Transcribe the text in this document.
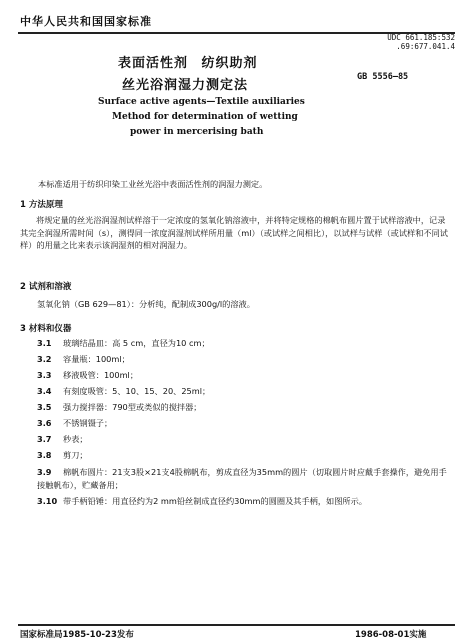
中华人民共和国国家标准
UDC 661.185:532 .69:677.041.4
表面活性剂 纺织助剂
丝光浴润湿力测定法
GB 5556—85
Surface active agents—Textile auxiliaries
Method for determination of wetting
power in mercerising bath
本标准适用于纺织印染工业丝光浴中表面活性剂的润湿力测定。
1 方法原理
将规定量的丝光浴润湿剂试样溶于一定浓度的氢氧化钠溶液中，并将特定规格的棉帆布圆片置于试样溶液中，记录其完全润湿所需时间（s），测得同一浓度润湿剂试样所用量（ml）（或试样之间相比），以试样与试样（或试样和不同试样）的用量之比来表示该润湿剂的相对润湿力。
2 试剂和溶液
氢氧化钠（GB 629—81）：分析纯，配制成300g/l的溶液。
3 材料和仪器
3.1 玻璃结晶皿：高 5 cm，直径为10 cm；
3.2 容量瓶：100ml；
3.3 移液吸管：100ml；
3.4 有刻度吸管：5、10、15、20、25ml；
3.5 强力搅拌器：790型或类似的搅拌器；
3.6 不锈钢镊子；
3.7 秒表；
3.8 剪刀；
3.9 棉帆布圆片：21支3股×21支4股棉帆布，剪成直径为35mm的圆片（切取圆片时应戴手套操作，避免用手接触帆布），贮藏备用；
3.10 带手柄铅锤：用直径约为2 mm铅丝制成直径约30mm的圆圈及其手柄，如图所示。
国家标准局1985-10-23发布	1986-08-01实施
